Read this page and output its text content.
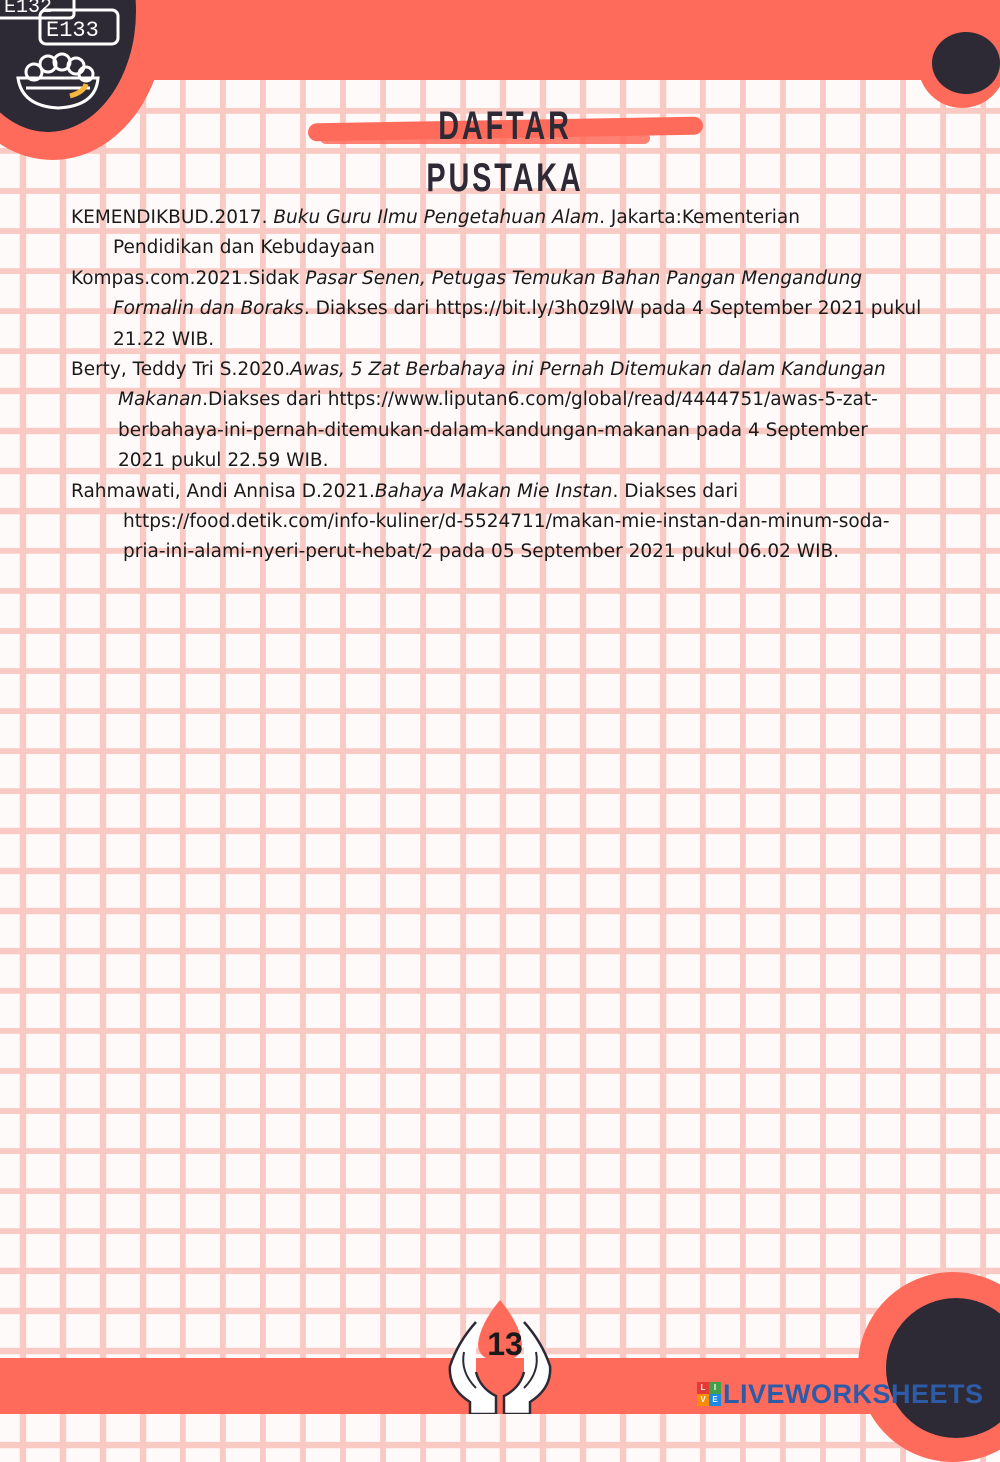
E132
E133
DAFTAR PUSTAKA

KEMENDIKBUD.2017. Buku Guru Ilmu Pengetahuan Alam. Jakarta:Kementerian
Pendidikan dan Kebudayaan

Kompas.com.2021.Sidak Pasar Senen, Petugas Temukan Bahan Pangan Mengandung
Formalin dan Boraks. Diakses dari https://bit.ly/3h0z9lW pada 4 September 2021 pukul
21.22 WIB.

Berty, Teddy Tri S.2020.Awas, 5 Zat Berbahaya ini Pernah Ditemukan dalam Kandungan
Makanan.Diakses dari https://www.liputan6.com/global/read/4444751/awas-5-zat-
berbahaya-ini-pernah-ditemukan-dalam-kandungan-makanan pada 4 September
2021 pukul 22.59 WIB.

Rahmawati, Andi Annisa D.2021.Bahaya Makan Mie Instan. Diakses dari
https://food.detik.com/info-kuliner/d-5524711/makan-mie-instan-dan-minum-soda-
pria-ini-alami-nyeri-perut-hebat/2 pada 05 September 2021 pukul 06.02 WIB.

13
L	I
V E LIVEWORKSHEETS
